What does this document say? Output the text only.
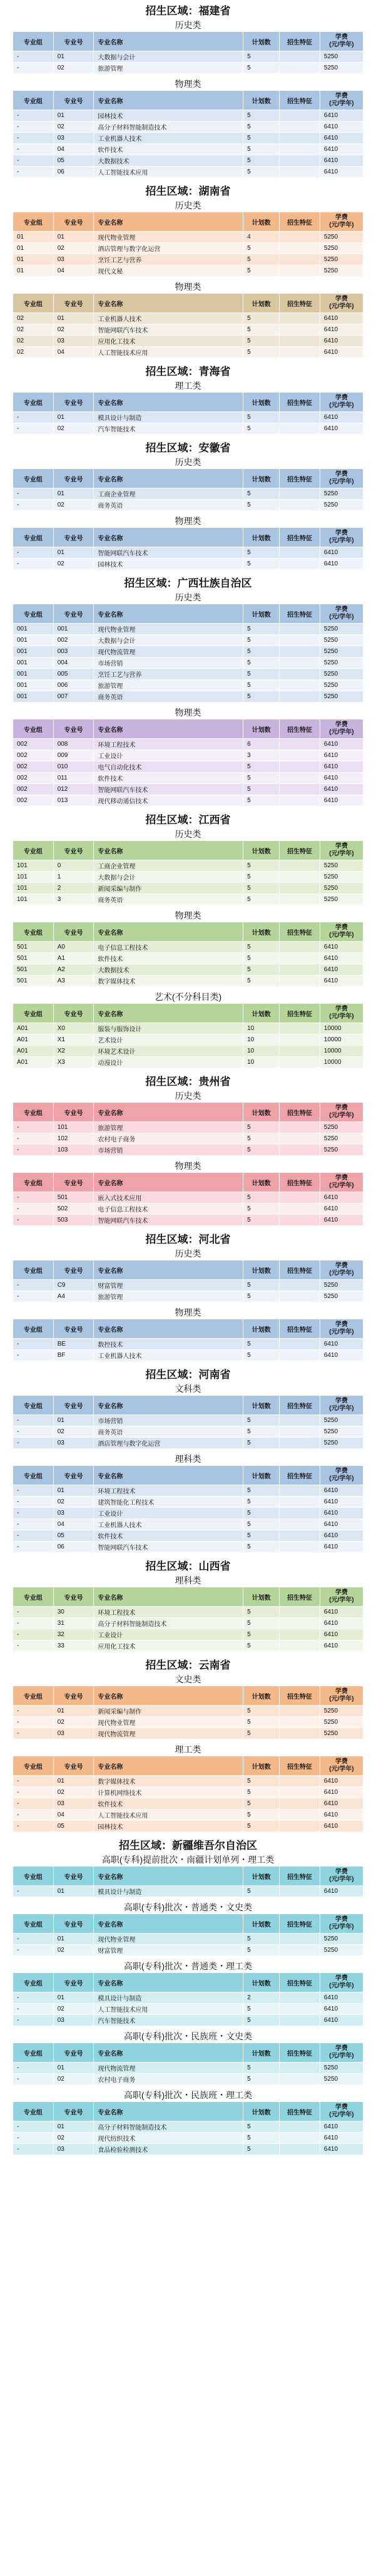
招生区域：福建省
历史类
专业组	专业号	专业名称	计划数	招生特征	学费
(元/学年)
-	01	大数据与会计	5		5250
-	02	旅游管理	5		5250
物理类
专业组	专业号	专业名称	计划数	招生特征	学费
(元/学年)
-	01	园林技术	5		6410
-	02	高分子材料智能制造技术	5		6410
-	03	工业机器人技术	5		6410
-	04	软件技术	5		6410
-	05	大数据技术	5		6410
-	06	人工智能技术应用	5		6410
招生区域：湖南省
历史类
专业组	专业号	专业名称	计划数	招生特征	学费
(元/学年)
01	01	现代物业管理	4		5250
01	02	酒店管理与数字化运营	5		5250
01	03	烹饪工艺与营养	5		5250
01	04	现代文秘	5		5250
物理类
专业组	专业号	专业名称	计划数	招生特征	学费
(元/学年)
02	01	工业机器人技术	5		6410
02	02	智能网联汽车技术	5		6410
02	03	应用化工技术	5		6410
02	04	人工智能技术应用	5		6410
招生区域：青海省
理工类
专业组	专业号	专业名称	计划数	招生特征	学费
(元/学年)
-	01	模具设计与制造	5		6410
-	02	汽车智能技术	5		6410
招生区域：安徽省
历史类
专业组	专业号	专业名称	计划数	招生特征	学费
(元/学年)
-	01	工商企业管理	5		5250
-	02	商务英语	5		5250
物理类
专业组	专业号	专业名称	计划数	招生特征	学费
(元/学年)
-	01	智能网联汽车技术	5		6410
-	02	园林技术	5		6410
招生区域：广西壮族自治区
历史类
专业组	专业号	专业名称	计划数	招生特征	学费
(元/学年)
001	001	现代物业管理	5		5250
001	002	大数据与会计	5		5250
001	003	现代物流管理	5		5250
001	004	市场营销	5		5250
001	005	烹饪工艺与营养	5		5250
001	006	旅游管理	5		5250
001	007	商务英语	5		5250
物理类
专业组	专业号	专业名称	计划数	招生特征	学费
(元/学年)
002	008	环境工程技术	6		6410
002	009	工业设计	3		6410
002	010	电气自动化技术	5		6410
002	011	软件技术	5		6410
002	012	智能网联汽车技术	5		6410
002	013	现代移动通信技术	5		6410
招生区域：江西省
历史类
专业组	专业号	专业名称	计划数	招生特征	学费
(元/学年)
101	0	工商企业管理	5		5250
101	1	大数据与会计	5		5250
101	2	新闻采编与制作	5		5250
101	3	商务英语	5		5250
物理类
专业组	专业号	专业名称	计划数	招生特征	学费
(元/学年)
501	A0	电子信息工程技术	5		6410
501	A1	软件技术	5		6410
501	A2	大数据技术	5		6410
501	A3	数字媒体技术	5		6410
艺术(不分科目类)
专业组	专业号	专业名称	计划数	招生特征	学费
(元/学年)
A01	X0	服装与服饰设计	10		10000
A01	X1	艺术设计	10		10000
A01	X2	环境艺术设计	10		10000
A01	X3	动漫设计	10		10000
招生区域：贵州省
历史类
专业组	专业号	专业名称	计划数	招生特征	学费
(元/学年)
-	101	旅游管理	5		5250
-	102	农村电子商务	5		5250
-	103	市场营销	5		5250
物理类
专业组	专业号	专业名称	计划数	招生特征	学费
(元/学年)
-	501	嵌入式技术应用	5		6410
-	502	电子信息工程技术	5		6410
-	503	智能网联汽车技术	5		6410
招生区域：河北省
历史类
专业组	专业号	专业名称	计划数	招生特征	学费
(元/学年)
-	C9	财富管理	5		5250
-	A4	旅游管理	5		5250
物理类
专业组	专业号	专业名称	计划数	招生特征	学费
(元/学年)
-	BE	数控技术	5		6410
-	BF	工业机器人技术	5		6410
招生区域：河南省
文科类
专业组	专业号	专业名称	计划数	招生特征	学费
(元/学年)
-	01	市场营销	5		5250
-	02	商务英语	5		5250
-	03	酒店管理与数字化运营	5		5250
理科类
专业组	专业号	专业名称	计划数	招生特征	学费
(元/学年)
-	01	环境工程技术	5		6410
-	02	建筑智能化工程技术	5		6410
-	03	工业设计	5		6410
-	04	工业机器人技术	5		6410
-	05	软件技术	5		6410
-	06	智能网联汽车技术	5		6410
招生区域：山西省
理科类
专业组	专业号	专业名称	计划数	招生特征	学费
(元/学年)
-	30	环境工程技术	5		6410
-	31	高分子材料智能制造技术	5		6410
-	32	工业设计	5		6410
-	33	应用化工技术	5		6410
招生区域：云南省
文史类
专业组	专业号	专业名称	计划数	招生特征	学费
(元/学年)
-	01	新闻采编与制作	5		5250
-	02	现代物业管理	5		5250
-	03	现代物流管理	5		5250
理工类
专业组	专业号	专业名称	计划数	招生特征	学费
(元/学年)
-	01	数字媒体技术	5		6410
-	02	计算机网络技术	5		6410
-	03	软件技术	5		6410
-	04	人工智能技术应用	5		6410
-	05	园林技术	5		6410
招生区域：新疆维吾尔自治区
高职(专科)提前批次・南疆计划单列・理工类
专业组	专业号	专业名称	计划数	招生特征	学费
(元/学年)
-	01	模具设计与制造	5		6410
高职(专科)批次・普通类・文史类
专业组	专业号	专业名称	计划数	招生特征	学费
(元/学年)
-	01	现代物业管理	5		5250
-	02	财富管理	5		5250
高职(专科)批次・普通类・理工类
专业组	专业号	专业名称	计划数	招生特征	学费
(元/学年)
-	01	模具设计与制造	2		6410
-	02	人工智能技术应用	5		6410
-	03	汽车智能技术	5		6410
高职(专科)批次・民族班・文史类
专业组	专业号	专业名称	计划数	招生特征	学费
(元/学年)
-	01	现代物流管理	5		5250
-	02	农村电子商务	5		5250
高职(专科)批次・民族班・理工类
专业组	专业号	专业名称	计划数	招生特征	学费
(元/学年)
-	01	高分子材料智能制造技术	5		6410
-	02	现代纺织技术	5		6410
-	03	食品检验检测技术	5		6410
